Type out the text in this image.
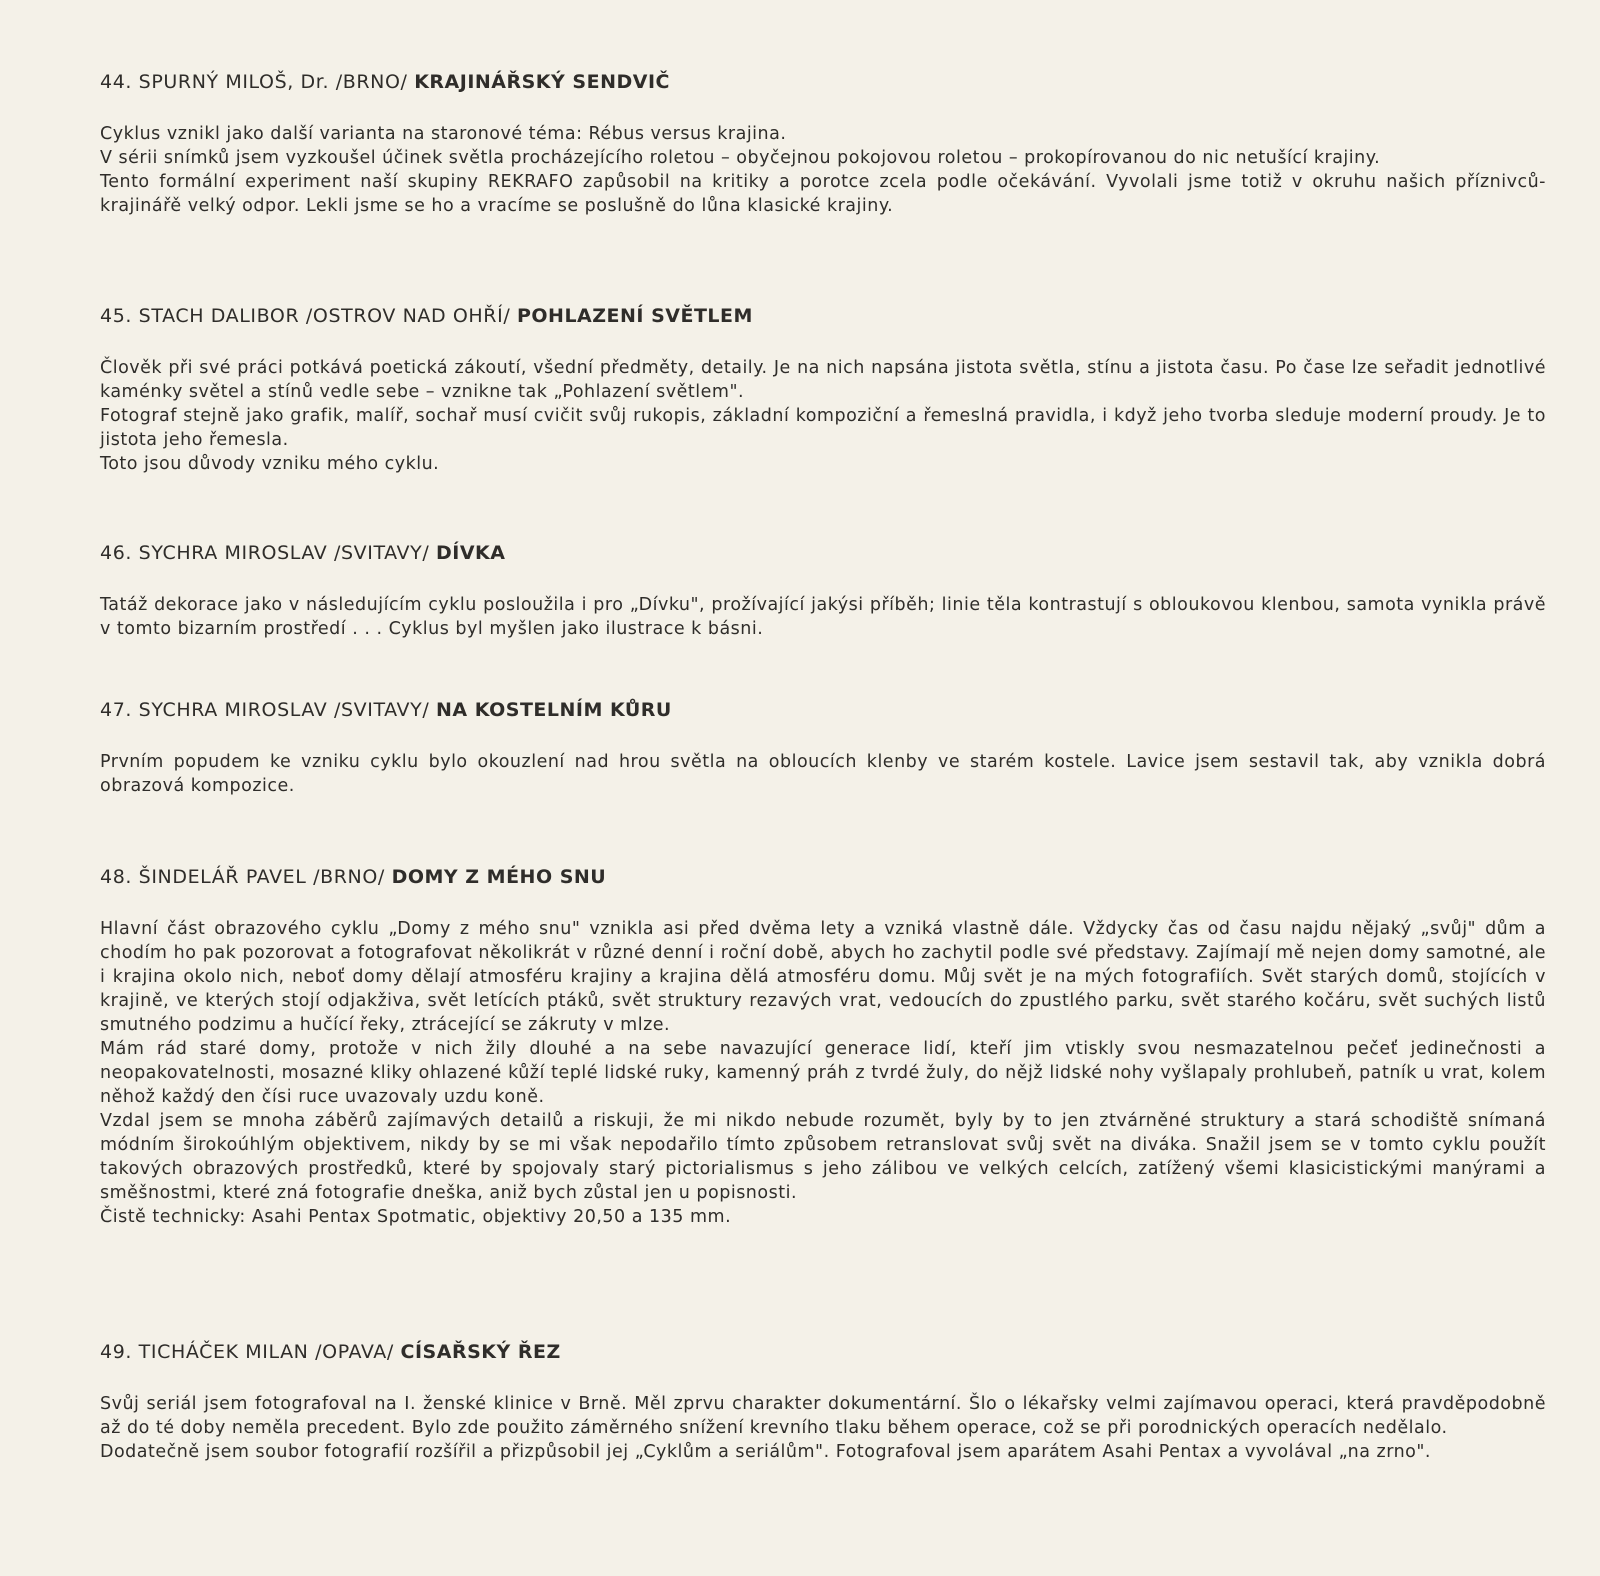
44. SPURNÝ MILOŠ, Dr. /BRNO/ KRAJINÁŘSKÝ SENDVIČ

Cyklus vznikl jako další varianta na staronové téma: Rébus versus krajina.

V sérii snímků jsem vyzkoušel účinek světla procházejícího roletou – obyčejnou pokojovou roletou – prokopírovanou do nic netušící krajiny.

Tento formální experiment naší skupiny REKRAFO zapůsobil na kritiky a porotce zcela podle očekávání. Vyvolali jsme totiž v okruhu našich příznivců-krajinářě velký odpor. Lekli jsme se ho a vracíme se poslušně do lůna klasické krajiny.

45. STACH DALIBOR /OSTROV NAD OHŘÍ/ POHLAZENÍ SVĚTLEM

Člověk při své práci potkává poetická zákoutí, všední předměty, detaily. Je na nich napsána jistota světla, stínu a jistota času. Po čase lze seřadit jednotlivé kaménky světel a stínů vedle sebe – vznikne tak „Pohlazení světlem".

Fotograf stejně jako grafik, malíř, sochař musí cvičit svůj rukopis, základní kompoziční a řemeslná pravidla, i když jeho tvorba sleduje moderní proudy. Je to jistota jeho řemesla.

Toto jsou důvody vzniku mého cyklu.

46. SYCHRA MIROSLAV /SVITAVY/ DÍVKA

Tatáž dekorace jako v následujícím cyklu posloužila i pro „Dívku", prožívající jakýsi příběh; linie těla kontrastují s obloukovou klenbou, samota vynikla právě v tomto bizarním prostředí . . . Cyklus byl myšlen jako ilustrace k básni.

47. SYCHRA MIROSLAV /SVITAVY/ NA KOSTELNÍM KŮRU

Prvním popudem ke vzniku cyklu bylo okouzlení nad hrou světla na obloucích klenby ve starém kostele. Lavice jsem sestavil tak, aby vznikla dobrá obrazová kompozice.

48. ŠINDELÁŘ PAVEL /BRNO/ DOMY Z MÉHO SNU

Hlavní část obrazového cyklu „Domy z mého snu" vznikla asi před dvěma lety a vzniká vlastně dále. Vždycky čas od času najdu nějaký „svůj" dům a chodím ho pak pozorovat a fotografovat několikrát v různé denní i roční době, abych ho zachytil podle své představy. Zajímají mě nejen domy samotné, ale i krajina okolo nich, neboť domy dělají atmosféru krajiny a krajina dělá atmosféru domu. Můj svět je na mých fotografiích. Svět starých domů, stojících v krajině, ve kterých stojí odjakživa, svět letících ptáků, svět struktury rezavých vrat, vedoucích do zpustlého parku, svět starého kočáru, svět suchých listů smutného podzimu a hučící řeky, ztrácející se zákruty v mlze.

Mám rád staré domy, protože v nich žily dlouhé a na sebe navazující generace lidí, kteří jim vtiskly svou nesmazatelnou pečeť jedinečnosti a neopakovatelnosti, mosazné kliky ohlazené kůží teplé lidské ruky, kamenný práh z tvrdé žuly, do nějž lidské nohy vyšlapaly prohlubeň, patník u vrat, kolem něhož každý den čísi ruce uvazovaly uzdu koně.

Vzdal jsem se mnoha záběrů zajímavých detailů a riskuji, že mi nikdo nebude rozumět, byly by to jen ztvárněné struktury a stará schodiště snímaná módním širokoúhlým objektivem, nikdy by se mi však nepodařilo tímto způsobem retranslovat svůj svět na diváka. Snažil jsem se v tomto cyklu použít takových obrazových prostředků, které by spojovaly starý pictorialismus s jeho zálibou ve velkých celcích, zatížený všemi klasicistickými manýrami a směšnostmi, které zná fotografie dneška, aniž bych zůstal jen u popisnosti.

Čistě technicky: Asahi Pentax Spotmatic, objektivy 20,50 a 135 mm.

49. TICHÁČEK MILAN /OPAVA/ CÍSAŘSKÝ ŘEZ

Svůj seriál jsem fotografoval na I. ženské klinice v Brně. Měl zprvu charakter dokumentární. Šlo o lékařsky velmi zajímavou operaci, která pravděpodobně až do té doby neměla precedent. Bylo zde použito záměrného snížení krevního tlaku během operace, což se při porodnických operacích nedělalo.

Dodatečně jsem soubor fotografií rozšířil a přizpůsobil jej „Cyklům a seriálům". Fotografoval jsem aparátem Asahi Pentax a vyvolával „na zrno".
